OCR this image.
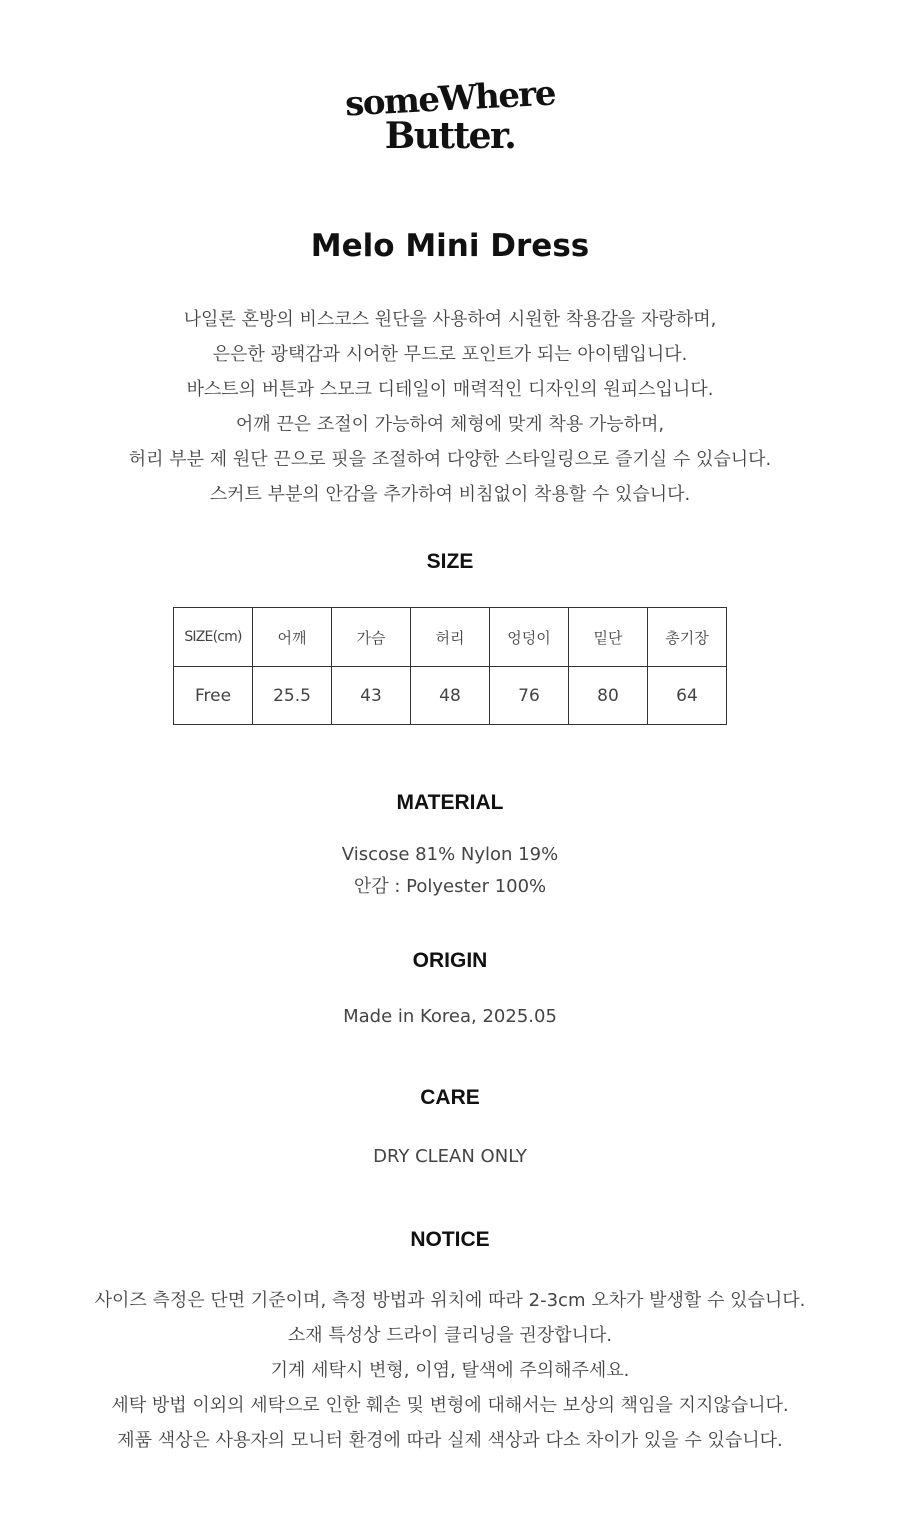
someWhere
Butter.
Melo Mini Dress

나일론 혼방의 비스코스 원단을 사용하여 시원한 착용감을 자랑하며,

은은한 광택감과 시어한 무드로 포인트가 되는 아이템입니다.

바스트의 버튼과 스모크 디테일이 매력적인 디자인의 원피스입니다.

어깨 끈은 조절이 가능하여 체형에 맞게 착용 가능하며,

허리 부분 제 원단 끈으로 핏을 조절하여 다양한 스타일링으로 즐기실 수 있습니다.

스커트 부분의 안감을 추가하여 비침없이 착용할 수 있습니다.

SIZE
SIZE(cm)	어깨	가슴	허리	엉덩이	밑단	총기장
Free	25.5	43	48	76	80	64
MATERIAL
Viscose 81% Nylon 19%
안감 : Polyester 100%
ORIGIN
Made in Korea, 2025.05
CARE
DRY CLEAN ONLY
NOTICE

사이즈 측정은 단면 기준이며, 측정 방법과 위치에 따라 2-3cm 오차가 발생할 수 있습니다.

소재 특성상 드라이 클리닝을 권장합니다.

기계 세탁시 변형, 이염, 탈색에 주의해주세요.

세탁 방법 이외의 세탁으로 인한 훼손 및 변형에 대해서는 보상의 책임을 지지않습니다.

제품 색상은 사용자의 모니터 환경에 따라 실제 색상과 다소 차이가 있을 수 있습니다.
